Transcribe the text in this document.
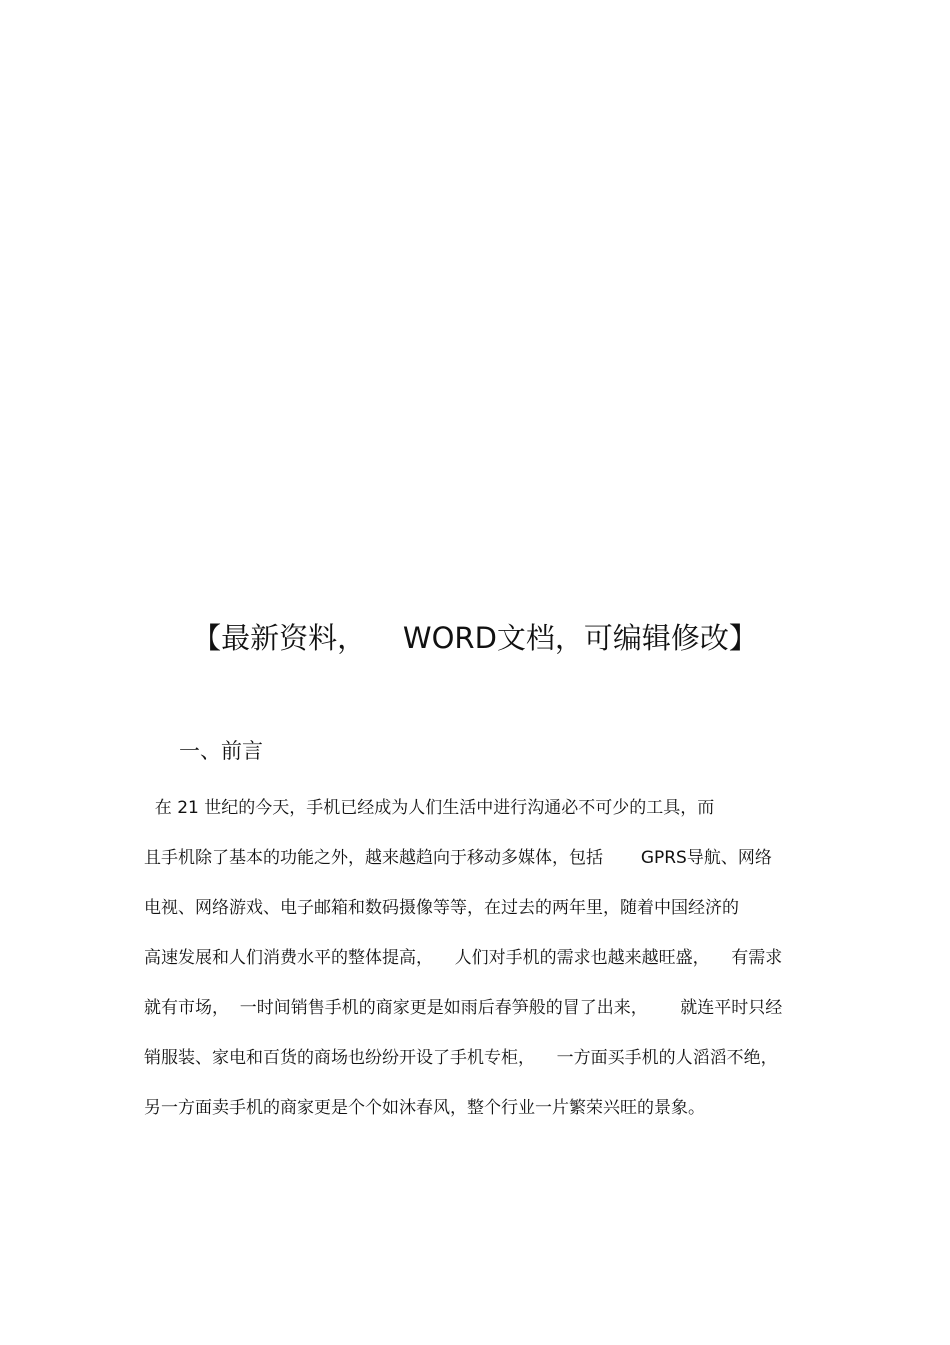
【最新资料，    WORD文档，可编辑修改】
一、前言
在 21 世纪的今天，手机已经成为人们生活中进行沟通必不可少的工具，而
且手机除了基本的功能之外，越来越趋向于移动多媒体，包括       GPRS导航、网络
电视、网络游戏、电子邮箱和数码摄像等等，在过去的两年里，随着中国经济的
高速发展和人们消费水平的整体提高，    人们对手机的需求也越来越旺盛，    有需求
就有市场，  一时间销售手机的商家更是如雨后春笋般的冒了出来，      就连平时只经
销服装、家电和百货的商场也纷纷开设了手机专柜，    一方面买手机的人滔滔不绝，
另一方面卖手机的商家更是个个如沐春风，整个行业一片繁荣兴旺的景象。
